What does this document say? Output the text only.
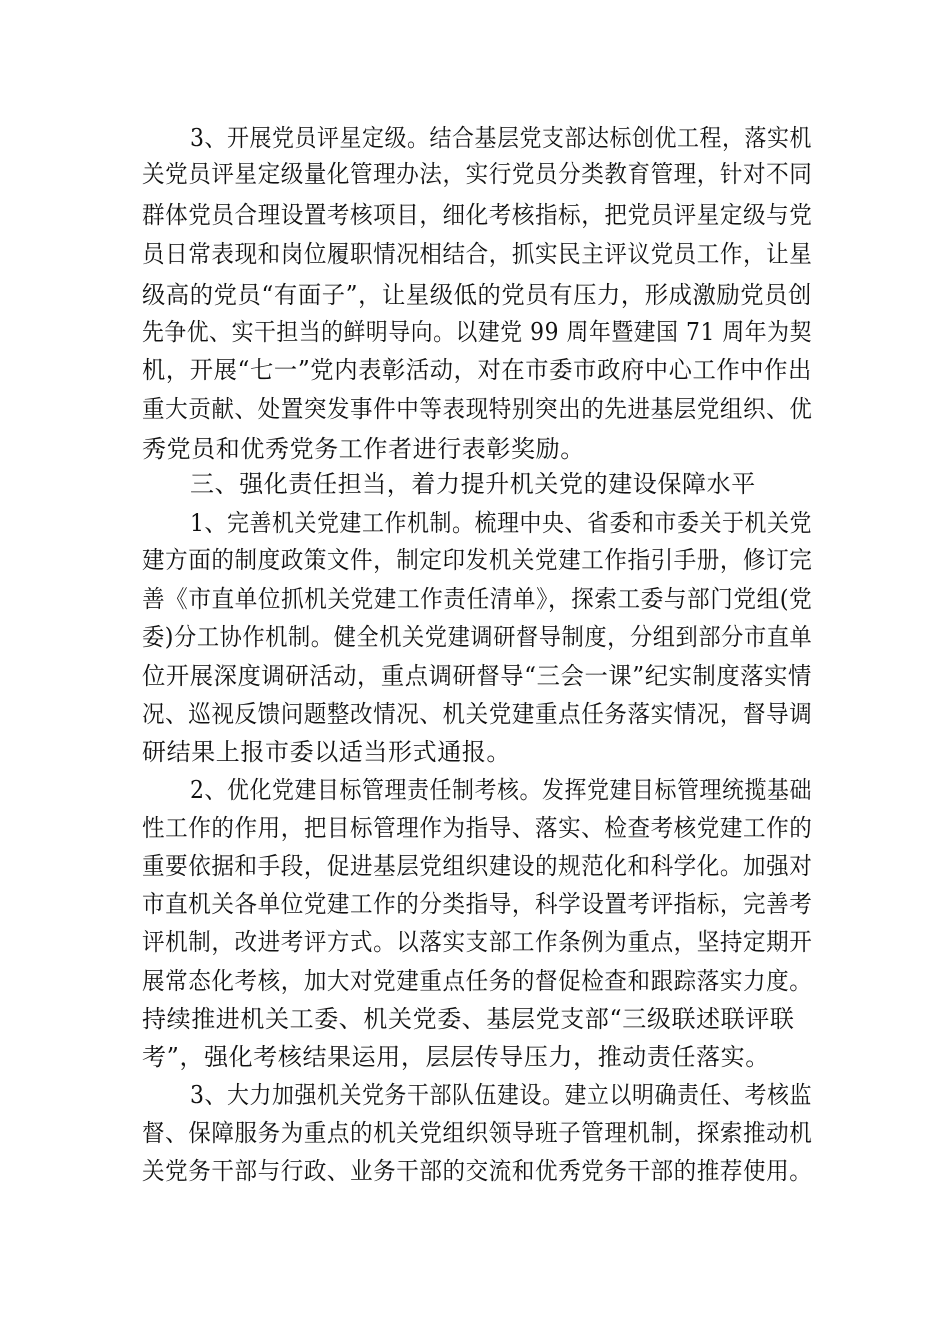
3、开展党员评星定级。结合基层党支部达标创优工程，落实机
关党员评星定级量化管理办法，实行党员分类教育管理，针对不同
群体党员合理设置考核项目，细化考核指标，把党员评星定级与党
员日常表现和岗位履职情况相结合，抓实民主评议党员工作，让星
级高的党员“有面子”，让星级低的党员有压力，形成激励党员创
先争优、实干担当的鲜明导向。以建党 99 周年暨建国 71 周年为契
机，开展“七一”党内表彰活动，对在市委市政府中心工作中作出
重大贡献、处置突发事件中等表现特别突出的先进基层党组织、优
秀党员和优秀党务工作者进行表彰奖励。
三、强化责任担当，着力提升机关党的建设保障水平
1、完善机关党建工作机制。梳理中央、省委和市委关于机关党
建方面的制度政策文件，制定印发机关党建工作指引手册，修订完
善《市直单位抓机关党建工作责任清单》，探索工委与部门党组(党
委)分工协作机制。健全机关党建调研督导制度，分组到部分市直单
位开展深度调研活动，重点调研督导“三会一课”纪实制度落实情
况、巡视反馈问题整改情况、机关党建重点任务落实情况，督导调
研结果上报市委以适当形式通报。
2、优化党建目标管理责任制考核。发挥党建目标管理统揽基础
性工作的作用，把目标管理作为指导、落实、检查考核党建工作的
重要依据和手段，促进基层党组织建设的规范化和科学化。加强对
市直机关各单位党建工作的分类指导，科学设置考评指标，完善考
评机制，改进考评方式。以落实支部工作条例为重点，坚持定期开
展常态化考核，加大对党建重点任务的督促检查和跟踪落实力度。
持续推进机关工委、机关党委、基层党支部“三级联述联评联
考”，强化考核结果运用，层层传导压力，推动责任落实。
3、大力加强机关党务干部队伍建设。建立以明确责任、考核监
督、保障服务为重点的机关党组织领导班子管理机制，探索推动机
关党务干部与行政、业务干部的交流和优秀党务干部的推荐使用。
